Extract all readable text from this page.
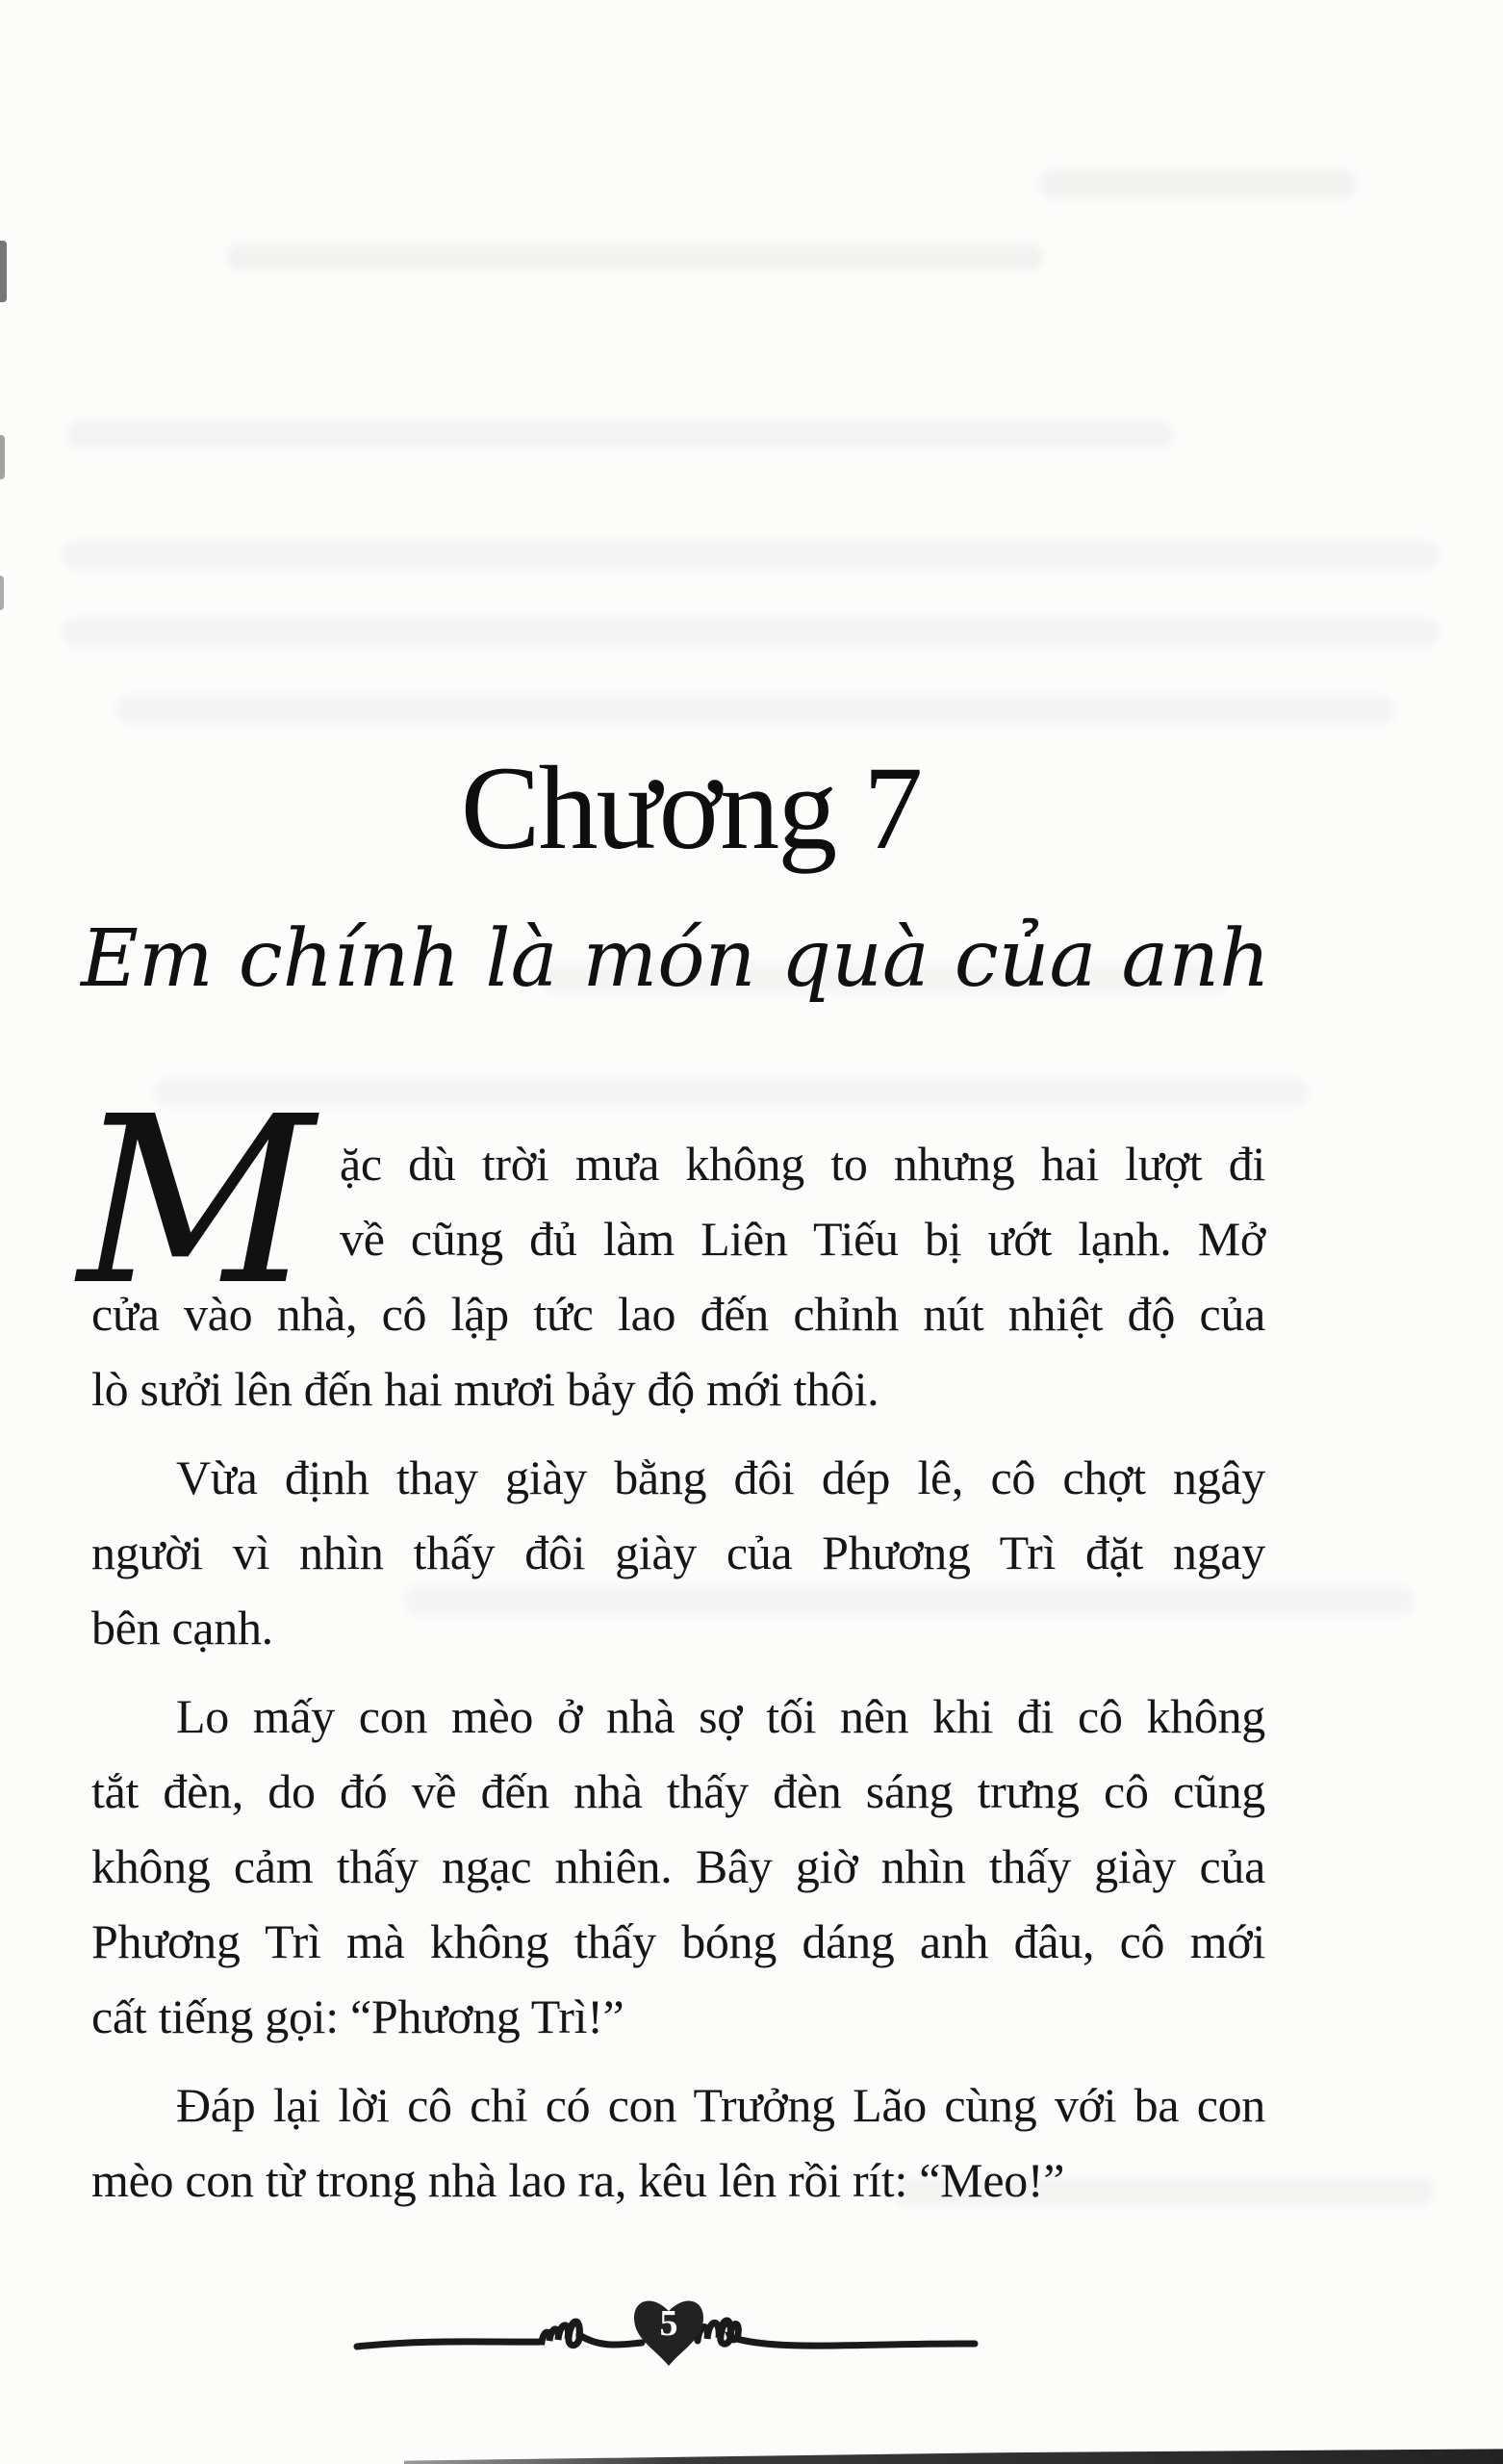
Chương 7
Em chính là món quà của anh
M ặc dù trời mưa không to nhưng hai lượt đi
về cũng đủ làm Liên Tiếu bị ướt lạnh. Mở
cửa vào nhà, cô lập tức lao đến chỉnh nút nhiệt độ của
lò sưởi lên đến hai mươi bảy độ mới thôi.
Vừa định thay giày bằng đôi dép lê, cô chợt ngây
người vì nhìn thấy đôi giày của Phương Trì đặt ngay
bên cạnh.
Lo mấy con mèo ở nhà sợ tối nên khi đi cô không
tắt đèn, do đó về đến nhà thấy đèn sáng trưng cô cũng
không cảm thấy ngạc nhiên. Bây giờ nhìn thấy giày của
Phương Trì mà không thấy bóng dáng anh đâu, cô mới
cất tiếng gọi: “Phương Trì!”
Đáp lại lời cô chỉ có con Trưởng Lão cùng với ba con
mèo con từ trong nhà lao ra, kêu lên rồi rít: “Meo!”
5
